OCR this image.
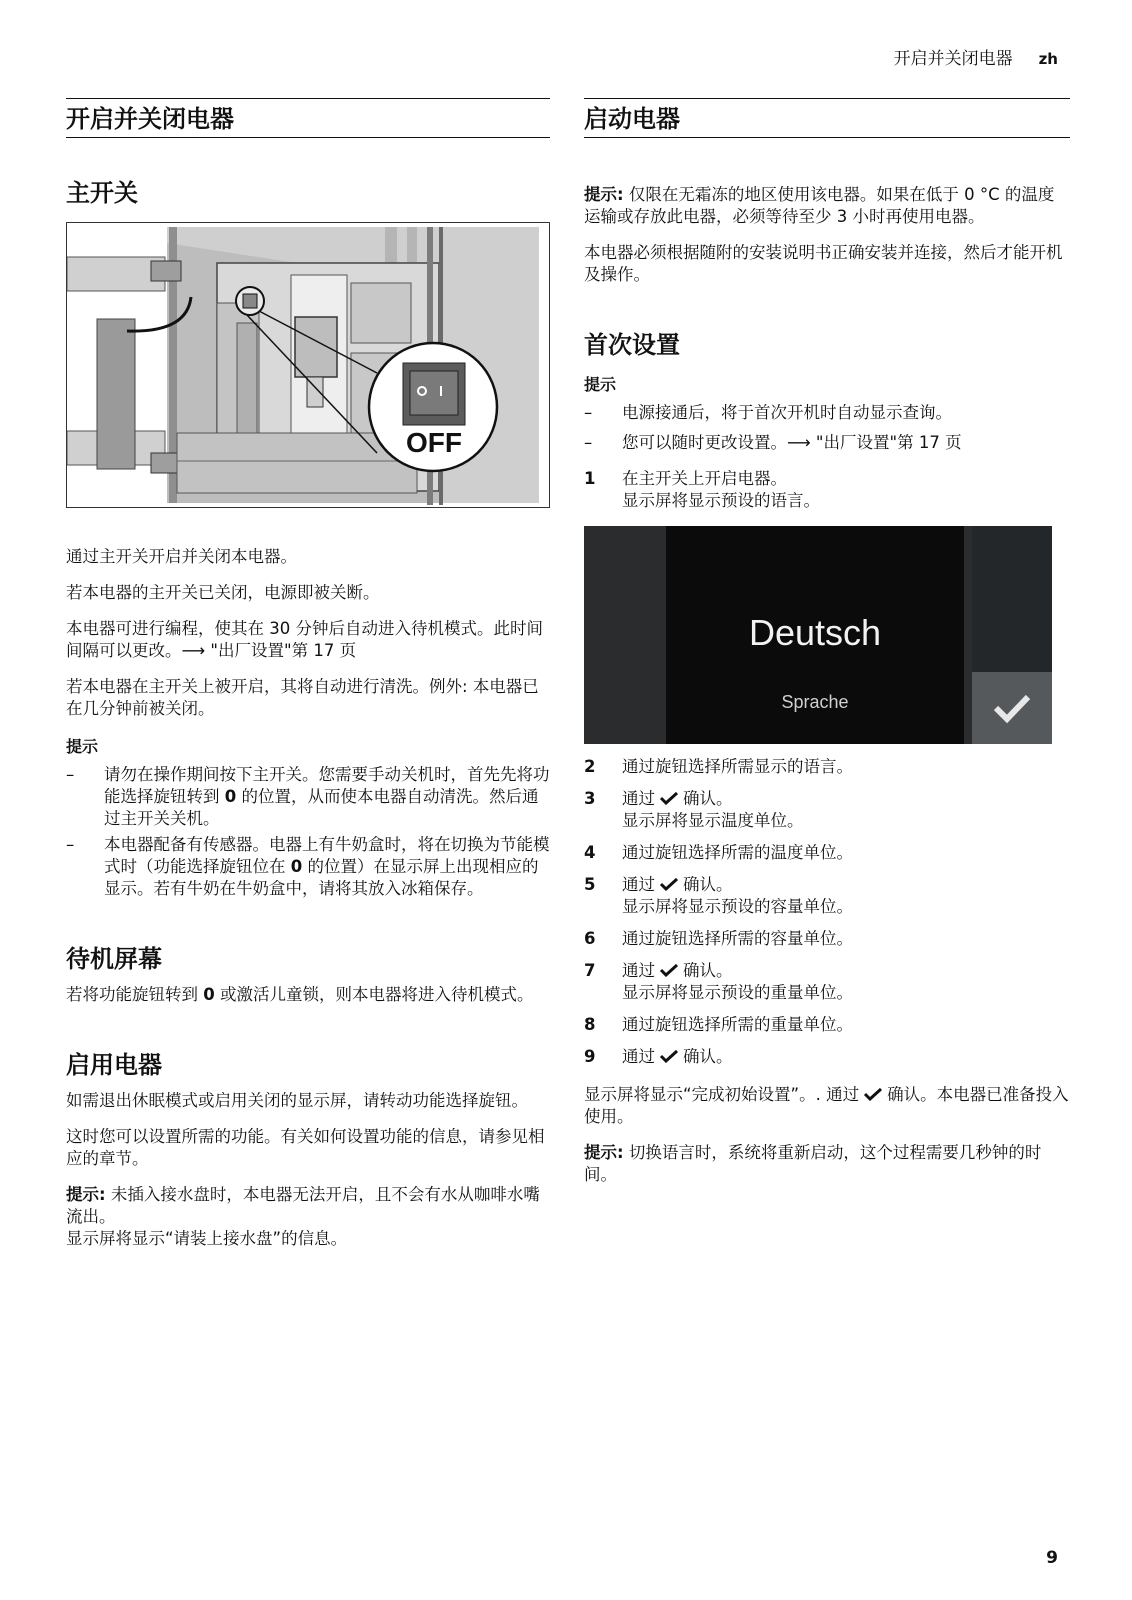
开启并关闭电器 zh
开启并关闭电器
主开关
OFF

通过主开关开启并关闭本电器。

若本电器的主开关已关闭，电源即被关断。

本电器可进行编程，使其在 30 分钟后自动进入待机模式。此时间间隔可以更改。⟶ "出厂设置"第 17 页

若本电器在主开关上被开启，其将自动进行清洗。例外: 本电器已在几分钟前被关闭。

提示
– 请勿在操作期间按下主开关。您需要手动关机时，首先先将功能选择旋钮转到 0 的位置，从而使本电器自动清洗。然后通过主开关关机。
– 本电器配备有传感器。电器上有牛奶盒时，将在切换为节能模式时（功能选择旋钮位在 0 的位置）在显示屏上出现相应的显示。若有牛奶在牛奶盒中，请将其放入冰箱保存。
待机屏幕

若将功能旋钮转到 0 或激活儿童锁，则本电器将进入待机模式。

启用电器

如需退出休眠模式或启用关闭的显示屏，请转动功能选择旋钮。

这时您可以设置所需的功能。有关如何设置功能的信息，请参见相应的章节。

提示: 未插入接水盘时，本电器无法开启，且不会有水从咖啡水嘴流出。

显示屏将显示“请装上接水盘”的信息。

启动电器

提示: 仅限在无霜冻的地区使用该电器。如果在低于 0 °C 的温度运输或存放此电器，必须等待至少 3 小时再使用电器。

本电器必须根据随附的安装说明书正确安装并连接，然后才能开机及操作。

首次设置
提示
– 电源接通后，将于首次开机时自动显示查询。
– 您可以随时更改设置。⟶ "出厂设置"第 17 页
1 在主开关上开启电器。
显示屏将显示预设的语言。
Deutsch
Sprache
2 通过旋钮选择所需显示的语言。
3 通过 确认。
显示屏将显示温度单位。
4 通过旋钮选择所需的温度单位。
5 通过 确认。
显示屏将显示预设的容量单位。
6 通过旋钮选择所需的容量单位。
7 通过 确认。
显示屏将显示预设的重量单位。
8 通过旋钮选择所需的重量单位。
9 通过 确认。

显示屏将显示“完成初始设置”。. 通过 确认。本电器已准备投入使用。

提示: 切换语言时，系统将重新启动，这个过程需要几秒钟的时间。

9
